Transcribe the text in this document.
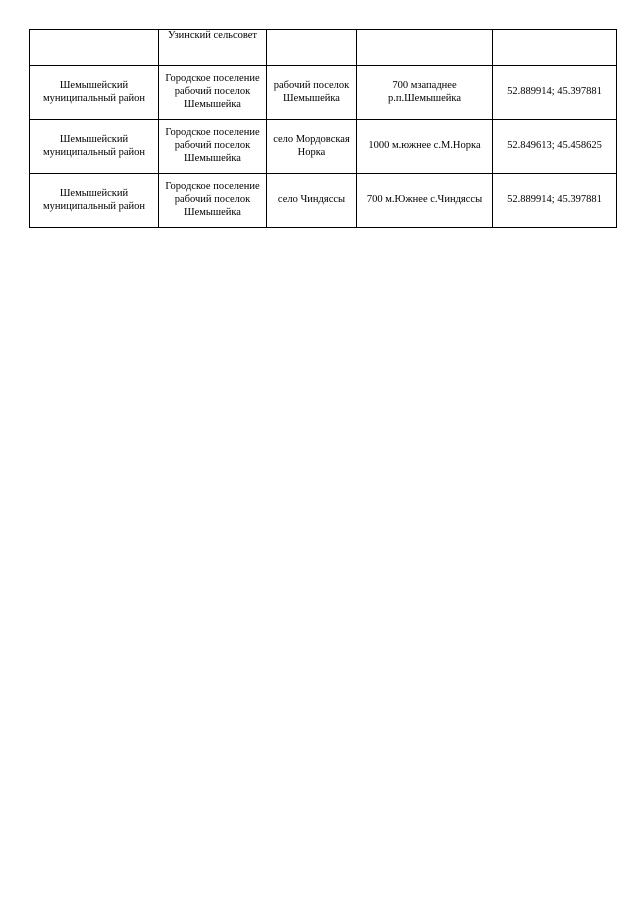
	Узинский сельсовет			
Шемышейский муниципальный район	Городское поселение рабочий поселок Шемышейка	рабочий поселок Шемышейка	700 мзападнее р.п.Шемышейка	52.889914; 45.397881
Шемышейский муниципальный район	Городское поселение рабочий поселок Шемышейка	село Мордовская Норка	1000 м.южнее с.М.Норка	52.849613; 45.458625
Шемышейский муниципальный район	Городское поселение рабочий поселок Шемышейка	село Чиндяссы	700 м.Южнее с.Чиндяссы	52.889914; 45.397881
